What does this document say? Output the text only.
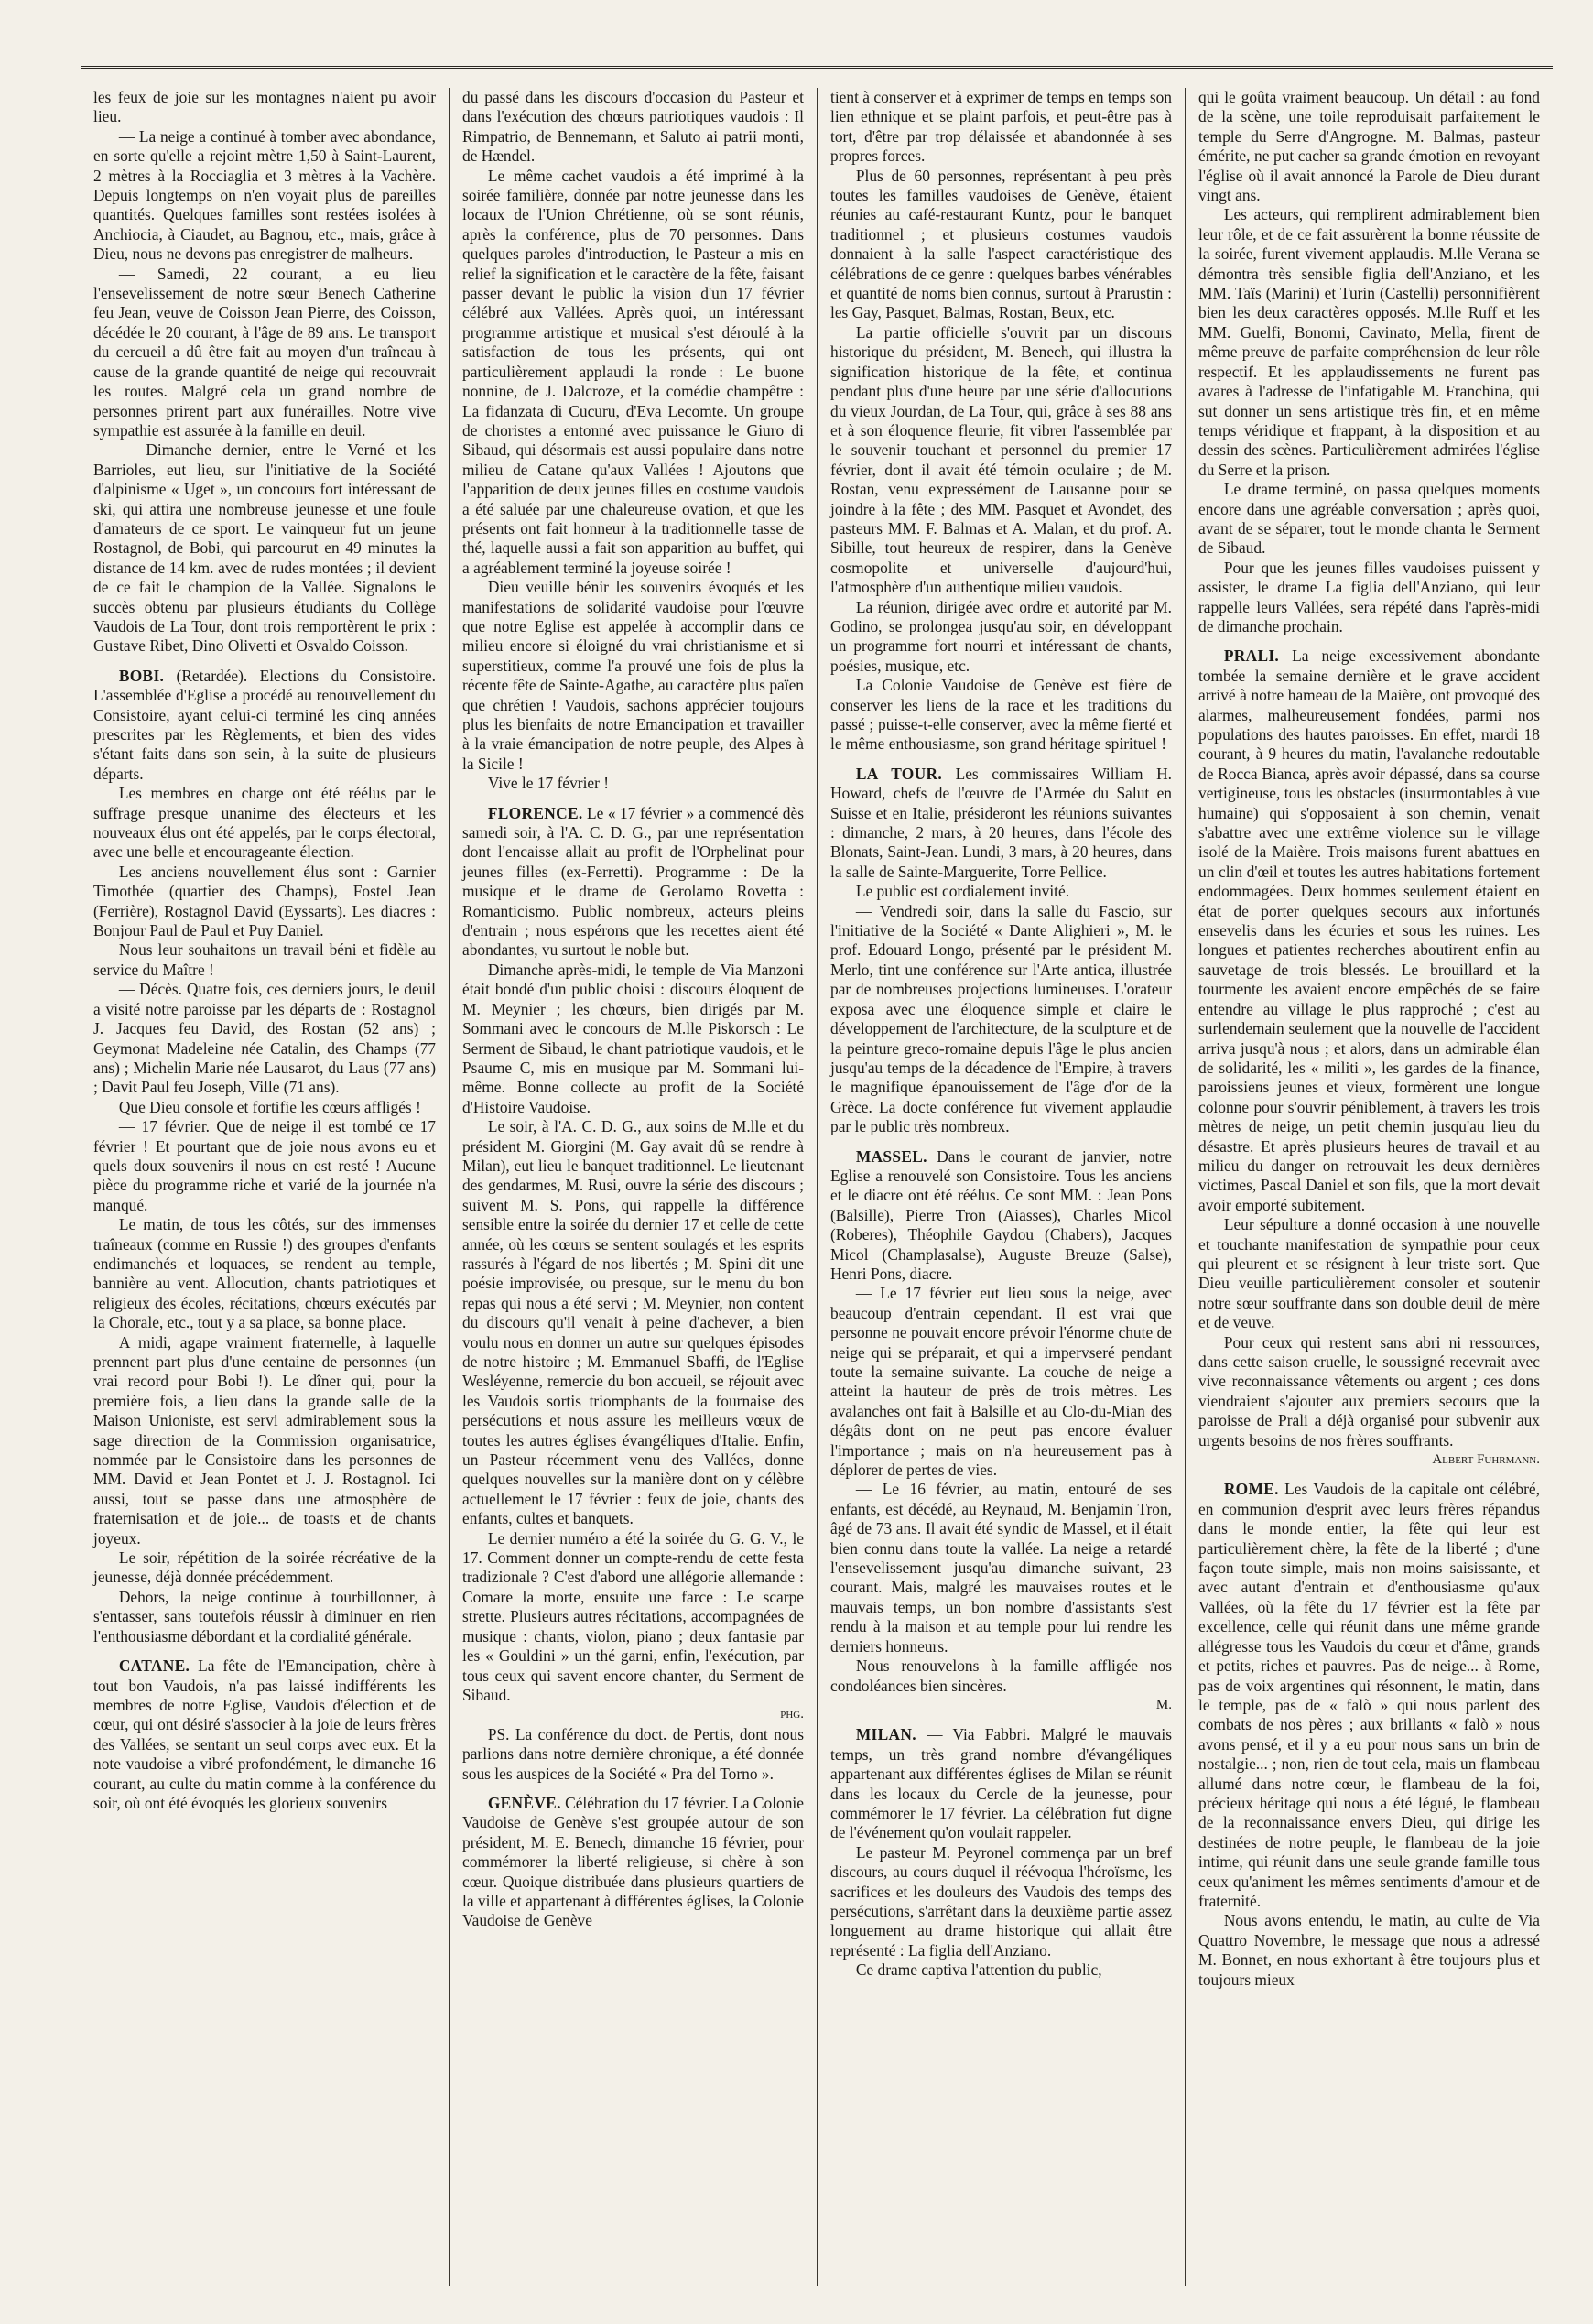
les feux de joie sur les montagnes n'aient pu avoir lieu.

— La neige a continué à tomber avec abondance, en sorte qu'elle a rejoint mètre 1,50 à Saint-Laurent, 2 mètres à la Rocciaglia et 3 mètres à la Vachère. Depuis longtemps on n'en voyait plus de pareilles quantités. Quelques familles sont restées isolées à Anchiocia, à Ciaudet, au Bagnou, etc., mais, grâce à Dieu, nous ne devons pas enregistrer de malheurs.

— Samedi, 22 courant, a eu lieu l'ensevelissement de notre sœur Benech Catherine feu Jean, veuve de Coisson Jean Pierre, des Coisson, décédée le 20 courant, à l'âge de 89 ans. Le transport du cercueil a dû être fait au moyen d'un traîneau à cause de la grande quantité de neige qui recouvrait les routes. Malgré cela un grand nombre de personnes prirent part aux funérailles. Notre vive sympathie est assurée à la famille en deuil.

— Dimanche dernier, entre le Verné et les Barrioles, eut lieu, sur l'initiative de la Société d'alpinisme « Uget », un concours fort intéressant de ski, qui attira une nombreuse jeunesse et une foule d'amateurs de ce sport. Le vainqueur fut un jeune Rostagnol, de Bobi, qui parcourut en 49 minutes la distance de 14 km. avec de rudes montées ; il devient de ce fait le champion de la Vallée. Signalons le succès obtenu par plusieurs étudiants du Collège Vaudois de La Tour, dont trois remportèrent le prix : Gustave Ribet, Dino Olivetti et Osvaldo Coisson.

BOBI. (Retardée). Elections du Consistoire. L'assemblée d'Eglise a procédé au renouvellement du Consistoire, ayant celui-ci terminé les cinq années prescrites par les Règlements, et bien des vides s'étant faits dans son sein, à la suite de plusieurs départs.

Les membres en charge ont été réélus par le suffrage presque unanime des électeurs et les nouveaux élus ont été appelés, par le corps électoral, avec une belle et encourageante élection.

Les anciens nouvellement élus sont : Garnier Timothée (quartier des Champs), Fostel Jean (Ferrière), Rostagnol David (Eyssarts). Les diacres : Bonjour Paul de Paul et Puy Daniel.

Nous leur souhaitons un travail béni et fidèle au service du Maître !

— Décès. Quatre fois, ces derniers jours, le deuil a visité notre paroisse par les départs de : Rostagnol J. Jacques feu David, des Rostan (52 ans) ; Geymonat Madeleine née Catalin, des Champs (77 ans) ; Michelin Marie née Lausarot, du Laus (77 ans) ; Davit Paul feu Joseph, Ville (71 ans).

Que Dieu console et fortifie les cœurs affligés !

— 17 février. Que de neige il est tombé ce 17 février ! Et pourtant que de joie nous avons eu et quels doux souvenirs il nous en est resté ! Aucune pièce du programme riche et varié de la journée n'a manqué.

Le matin, de tous les côtés, sur des immenses traîneaux (comme en Russie !) des groupes d'enfants endimanchés et loquaces, se rendent au temple, bannière au vent. Allocution, chants patriotiques et religieux des écoles, récitations, chœurs exécutés par la Chorale, etc., tout y a sa place, sa bonne place.

A midi, agape vraiment fraternelle, à laquelle prennent part plus d'une centaine de personnes (un vrai record pour Bobi !). Le dîner qui, pour la première fois, a lieu dans la grande salle de la Maison Unioniste, est servi admirablement sous la sage direction de la Commission organisatrice, nommée par le Consistoire dans les personnes de MM. David et Jean Pontet et J. J. Rostagnol. Ici aussi, tout se passe dans une atmosphère de fraternisation et de joie... de toasts et de chants joyeux.

Le soir, répétition de la soirée récréative de la jeunesse, déjà donnée précédemment.

Dehors, la neige continue à tourbillonner, à s'entasser, sans toutefois réussir à diminuer en rien l'enthousiasme débordant et la cordialité générale.

CATANE. La fête de l'Emancipation, chère à tout bon Vaudois, n'a pas laissé indifférents les membres de notre Eglise, Vaudois d'élection et de cœur, qui ont désiré s'associer à la joie de leurs frères des Vallées, se sentant un seul corps avec eux. Et la note vaudoise a vibré profondément, le dimanche 16 courant, au culte du matin comme à la conférence du soir, où ont été évoqués les glorieux souvenirs

du passé dans les discours d'occasion du Pasteur et dans l'exécution des chœurs patriotiques vaudois : Il Rimpatrio, de Bennemann, et Saluto ai patrii monti, de Hændel.

Le même cachet vaudois a été imprimé à la soirée familière, donnée par notre jeunesse dans les locaux de l'Union Chrétienne, où se sont réunis, après la conférence, plus de 70 personnes. Dans quelques paroles d'introduction, le Pasteur a mis en relief la signification et le caractère de la fête, faisant passer devant le public la vision d'un 17 février célébré aux Vallées. Après quoi, un intéressant programme artistique et musical s'est déroulé à la satisfaction de tous les présents, qui ont particulièrement applaudi la ronde : Le buone nonnine, de J. Dalcroze, et la comédie champêtre : La fidanzata di Cucuru, d'Eva Lecomte. Un groupe de choristes a entonné avec puissance le Giuro di Sibaud, qui désormais est aussi populaire dans notre milieu de Catane qu'aux Vallées ! Ajoutons que l'apparition de deux jeunes filles en costume vaudois a été saluée par une chaleureuse ovation, et que les présents ont fait honneur à la traditionnelle tasse de thé, laquelle aussi a fait son apparition au buffet, qui a agréablement terminé la joyeuse soirée !

Dieu veuille bénir les souvenirs évoqués et les manifestations de solidarité vaudoise pour l'œuvre que notre Eglise est appelée à accomplir dans ce milieu encore si éloigné du vrai christianisme et si superstitieux, comme l'a prouvé une fois de plus la récente fête de Sainte-Agathe, au caractère plus païen que chrétien ! Vaudois, sachons apprécier toujours plus les bienfaits de notre Emancipation et travailler à la vraie émancipation de notre peuple, des Alpes à la Sicile !

Vive le 17 février !

FLORENCE. Le « 17 février » a commencé dès samedi soir, à l'A. C. D. G., par une représentation dont l'encaisse allait au profit de l'Orphelinat pour jeunes filles (ex-Ferretti). Programme : De la musique et le drame de Gerolamo Rovetta : Romanticismo. Public nombreux, acteurs pleins d'entrain ; nous espérons que les recettes aient été abondantes, vu surtout le noble but.

Dimanche après-midi, le temple de Via Manzoni était bondé d'un public choisi : discours éloquent de M. Meynier ; les chœurs, bien dirigés par M. Sommani avec le concours de M.lle Piskorsch : Le Serment de Sibaud, le chant patriotique vaudois, et le Psaume C, mis en musique par M. Sommani lui-même. Bonne collecte au profit de la Société d'Histoire Vaudoise.

Le soir, à l'A. C. D. G., aux soins de M.lle et du président M. Giorgini (M. Gay avait dû se rendre à Milan), eut lieu le banquet traditionnel. Le lieutenant des gendarmes, M. Rusi, ouvre la série des discours ; suivent M. S. Pons, qui rappelle la différence sensible entre la soirée du dernier 17 et celle de cette année, où les cœurs se sentent soulagés et les esprits rassurés à l'égard de nos libertés ; M. Spini dit une poésie improvisée, ou presque, sur le menu du bon repas qui nous a été servi ; M. Meynier, non content du discours qu'il venait à peine d'achever, a bien voulu nous en donner un autre sur quelques épisodes de notre histoire ; M. Emmanuel Sbaffi, de l'Eglise Wesléyenne, remercie du bon accueil, se réjouit avec les Vaudois sortis triomphants de la fournaise des persécutions et nous assure les meilleurs vœux de toutes les autres églises évangéliques d'Italie. Enfin, un Pasteur récemment venu des Vallées, donne quelques nouvelles sur la manière dont on y célèbre actuellement le 17 février : feux de joie, chants des enfants, cultes et banquets.

Le dernier numéro a été la soirée du G. G. V., le 17. Comment donner un compte-rendu de cette festa tradizionale ? C'est d'abord une allégorie allemande : Comare la morte, ensuite une farce : Le scarpe strette. Plusieurs autres récitations, accompagnées de musique : chants, violon, piano ; deux fantasie par les « Gouldini » un thé garni, enfin, l'exécution, par tous ceux qui savent encore chanter, du Serment de Sibaud.

phg.

PS. La conférence du doct. de Pertis, dont nous parlions dans notre dernière chronique, a été donnée sous les auspices de la Société « Pra del Torno ».

GENÈVE. Célébration du 17 février. La Colonie Vaudoise de Genève s'est groupée autour de son président, M. E. Benech, dimanche 16 février, pour commémorer la liberté religieuse, si chère à son cœur. Quoique distribuée dans plusieurs quartiers de la ville et appartenant à différentes églises, la Colonie Vaudoise de Genève

tient à conserver et à exprimer de temps en temps son lien ethnique et se plaint parfois, et peut-être pas à tort, d'être par trop délaissée et abandonnée à ses propres forces.

Plus de 60 personnes, représentant à peu près toutes les familles vaudoises de Genève, étaient réunies au café-restaurant Kuntz, pour le banquet traditionnel ; et plusieurs costumes vaudois donnaient à la salle l'aspect caractéristique des célébrations de ce genre : quelques barbes vénérables et quantité de noms bien connus, surtout à Prarustin : les Gay, Pasquet, Balmas, Rostan, Beux, etc.

La partie officielle s'ouvrit par un discours historique du président, M. Benech, qui illustra la signification historique de la fête, et continua pendant plus d'une heure par une série d'allocutions du vieux Jourdan, de La Tour, qui, grâce à ses 88 ans et à son éloquence fleurie, fit vibrer l'assemblée par le souvenir touchant et personnel du premier 17 février, dont il avait été témoin oculaire ; de M. Rostan, venu expressément de Lausanne pour se joindre à la fête ; des MM. Pasquet et Avondet, des pasteurs MM. F. Balmas et A. Malan, et du prof. A. Sibille, tout heureux de respirer, dans la Genève cosmopolite et universelle d'aujourd'hui, l'atmosphère d'un authentique milieu vaudois.

La réunion, dirigée avec ordre et autorité par M. Godino, se prolongea jusqu'au soir, en développant un programme fort nourri et intéressant de chants, poésies, musique, etc.

La Colonie Vaudoise de Genève est fière de conserver les liens de la race et les traditions du passé ; puisse-t-elle conserver, avec la même fierté et le même enthousiasme, son grand héritage spirituel !

LA TOUR. Les commissaires William H. Howard, chefs de l'œuvre de l'Armée du Salut en Suisse et en Italie, présideront les réunions suivantes : dimanche, 2 mars, à 20 heures, dans l'école des Blonats, Saint-Jean. Lundi, 3 mars, à 20 heures, dans la salle de Sainte-Marguerite, Torre Pellice.

Le public est cordialement invité.

— Vendredi soir, dans la salle du Fascio, sur l'initiative de la Société « Dante Alighieri », M. le prof. Edouard Longo, présenté par le président M. Merlo, tint une conférence sur l'Arte antica, illustrée par de nombreuses projections lumineuses. L'orateur exposa avec une éloquence simple et claire le développement de l'architecture, de la sculpture et de la peinture greco-romaine depuis l'âge le plus ancien jusqu'au temps de la décadence de l'Empire, à travers le magnifique épanouissement de l'âge d'or de la Grèce. La docte conférence fut vivement applaudie par le public très nombreux.

MASSEL. Dans le courant de janvier, notre Eglise a renouvelé son Consistoire. Tous les anciens et le diacre ont été réélus. Ce sont MM. : Jean Pons (Balsille), Pierre Tron (Aiasses), Charles Micol (Roberes), Théophile Gaydou (Chabers), Jacques Micol (Champlasalse), Auguste Breuze (Salse), Henri Pons, diacre.

— Le 17 février eut lieu sous la neige, avec beaucoup d'entrain cependant. Il est vrai que personne ne pouvait encore prévoir l'énorme chute de neige qui se préparait, et qui a impervseré pendant toute la semaine suivante. La couche de neige a atteint la hauteur de près de trois mètres. Les avalanches ont fait à Balsille et au Clo-du-Mian des dégâts dont on ne peut pas encore évaluer l'importance ; mais on n'a heureusement pas à déplorer de pertes de vies.

— Le 16 février, au matin, entouré de ses enfants, est décédé, au Reynaud, M. Benjamin Tron, âgé de 73 ans. Il avait été syndic de Massel, et il était bien connu dans toute la vallée. La neige a retardé l'ensevelissement jusqu'au dimanche suivant, 23 courant. Mais, malgré les mauvaises routes et le mauvais temps, un bon nombre d'assistants s'est rendu à la maison et au temple pour lui rendre les derniers honneurs.

Nous renouvelons à la famille affligée nos condoléances bien sincères.

M.

MILAN. — Via Fabbri. Malgré le mauvais temps, un très grand nombre d'évangéliques appartenant aux différentes églises de Milan se réunit dans les locaux du Cercle de la jeunesse, pour commémorer le 17 février. La célébration fut digne de l'événement qu'on voulait rappeler.

Le pasteur M. Peyronel commença par un bref discours, au cours duquel il réévoqua l'héroïsme, les sacrifices et les douleurs des Vaudois des temps des persécutions, s'arrêtant dans la deuxième partie assez longuement au drame historique qui allait être représenté : La figlia dell'Anziano.

Ce drame captiva l'attention du public,

qui le goûta vraiment beaucoup. Un détail : au fond de la scène, une toile reproduisait parfaitement le temple du Serre d'Angrogne. M. Balmas, pasteur émérite, ne put cacher sa grande émotion en revoyant l'église où il avait annoncé la Parole de Dieu durant vingt ans.

Les acteurs, qui remplirent admirablement bien leur rôle, et de ce fait assurèrent la bonne réussite de la soirée, furent vivement applaudis. M.lle Verana se démontra très sensible figlia dell'Anziano, et les MM. Taïs (Marini) et Turin (Castelli) personnifièrent bien les deux caractères opposés. M.lle Ruff et les MM. Guelfi, Bonomi, Cavinato, Mella, firent de même preuve de parfaite compréhension de leur rôle respectif. Et les applaudissements ne furent pas avares à l'adresse de l'infatigable M. Franchina, qui sut donner un sens artistique très fin, et en même temps véridique et frappant, à la disposition et au dessin des scènes. Particulièrement admirées l'église du Serre et la prison.

Le drame terminé, on passa quelques moments encore dans une agréable conversation ; après quoi, avant de se séparer, tout le monde chanta le Serment de Sibaud.

Pour que les jeunes filles vaudoises puissent y assister, le drame La figlia dell'Anziano, qui leur rappelle leurs Vallées, sera répété dans l'après-midi de dimanche prochain.

PRALI. La neige excessivement abondante tombée la semaine dernière et le grave accident arrivé à notre hameau de la Maière, ont provoqué des alarmes, malheureusement fondées, parmi nos populations des hautes paroisses. En effet, mardi 18 courant, à 9 heures du matin, l'avalanche redoutable de Rocca Bianca, après avoir dépassé, dans sa course vertigineuse, tous les obstacles (insurmontables à vue humaine) qui s'opposaient à son chemin, venait s'abattre avec une extrême violence sur le village isolé de la Maière. Trois maisons furent abattues en un clin d'œil et toutes les autres habitations fortement endommagées. Deux hommes seulement étaient en état de porter quelques secours aux infortunés ensevelis dans les écuries et sous les ruines. Les longues et patientes recherches aboutirent enfin au sauvetage de trois blessés. Le brouillard et la tourmente les avaient encore empêchés de se faire entendre au village le plus rapproché ; c'est au surlendemain seulement que la nouvelle de l'accident arriva jusqu'à nous ; et alors, dans un admirable élan de solidarité, les « militi », les gardes de la finance, paroissiens jeunes et vieux, formèrent une longue colonne pour s'ouvrir péniblement, à travers les trois mètres de neige, un petit chemin jusqu'au lieu du désastre. Et après plusieurs heures de travail et au milieu du danger on retrouvait les deux dernières victimes, Pascal Daniel et son fils, que la mort devait avoir emporté subitement.

Leur sépulture a donné occasion à une nouvelle et touchante manifestation de sympathie pour ceux qui pleurent et se résignent à leur triste sort. Que Dieu veuille particulièrement consoler et soutenir notre sœur souffrante dans son double deuil de mère et de veuve.

Pour ceux qui restent sans abri ni ressources, dans cette saison cruelle, le soussigné recevrait avec vive reconnaissance vêtements ou argent ; ces dons viendraient s'ajouter aux premiers secours que la paroisse de Prali a déjà organisé pour subvenir aux urgents besoins de nos frères souffrants.

Albert Fuhrmann.

ROME. Les Vaudois de la capitale ont célébré, en communion d'esprit avec leurs frères répandus dans le monde entier, la fête qui leur est particulièrement chère, la fête de la liberté ; d'une façon toute simple, mais non moins saisissante, et avec autant d'entrain et d'enthousiasme qu'aux Vallées, où la fête du 17 février est la fête par excellence, celle qui réunit dans une même grande allégresse tous les Vaudois du cœur et d'âme, grands et petits, riches et pauvres. Pas de neige... à Rome, pas de voix argentines qui résonnent, le matin, dans le temple, pas de « falò » qui nous parlent des combats de nos pères ; aux brillants « falò » nous avons pensé, et il y a eu pour nous sans un brin de nostalgie... ; non, rien de tout cela, mais un flambeau allumé dans notre cœur, le flambeau de la foi, précieux héritage qui nous a été légué, le flambeau de la reconnaissance envers Dieu, qui dirige les destinées de notre peuple, le flambeau de la joie intime, qui réunit dans une seule grande famille tous ceux qu'animent les mêmes sentiments d'amour et de fraternité.

Nous avons entendu, le matin, au culte de Via Quattro Novembre, le message que nous a adressé M. Bonnet, en nous exhortant à être toujours plus et toujours mieux
